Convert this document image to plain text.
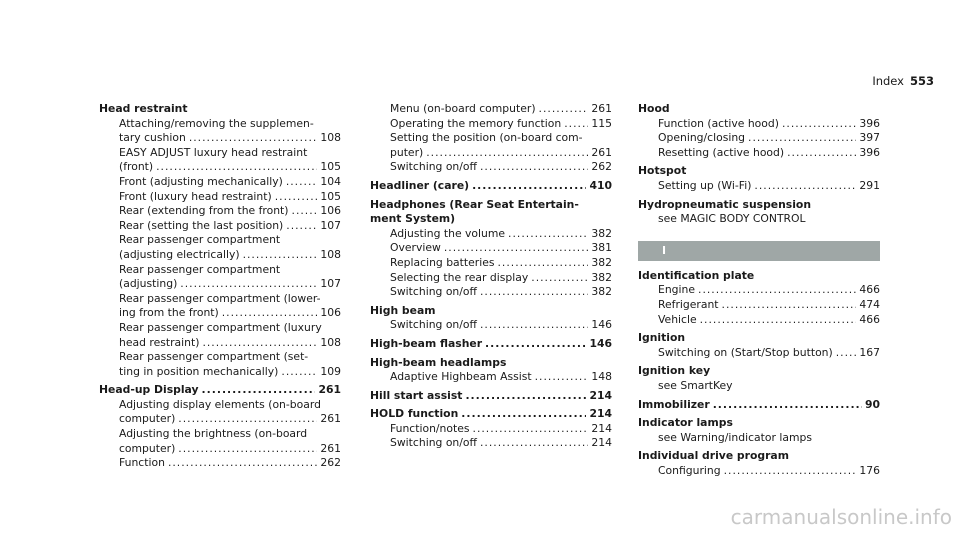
Index 553
Head restraint
Attaching/removing the supplemen-
tary cushion .....	108
EASY ADJUST luxury head restraint
(front) .....	105
Front (adjusting mechanically) .....	104
Front (luxury head restraint) .....	105
Rear (extending from the front) .....	106
Rear (setting the last position) .....	107
Rear passenger compartment
(adjusting electrically) .....	108
Rear passenger compartment
(adjusting) .....	107
Rear passenger compartment (lower-
ing from the front) .....	106
Rear passenger compartment (luxury
head restraint) .....	108
Rear passenger compartment (set-
ting in position mechanically) .....	109
Head-up Display .....	261
Adjusting display elements (on-board
computer) .....	261
Adjusting the brightness (on-board
computer) .....	261
Function .....	262
Menu (on-board computer) .....	261
Operating the memory function .....	115
Setting the position (on-board com-
puter) .....	261
Switching on/off .....	262
Headliner (care) .....	410
Headphones (Rear Seat Entertain-
ment System)
Adjusting the volume .....	382
Overview .....	381
Replacing batteries .....	382
Selecting the rear display .....	382
Switching on/off .....	382
High beam
Switching on/off .....	146
High-beam flasher .....	146
High-beam headlamps
Adaptive Highbeam Assist .....	148
Hill start assist .....	214
HOLD function .....	214
Function/notes .....	214
Switching on/off .....	214
Hood
Function (active hood) .....	396
Opening/closing .....	397
Resetting (active hood) .....	396
Hotspot
Setting up (Wi-Fi) .....	291
Hydropneumatic suspension
see MAGIC BODY CONTROL
I
Identification plate
Engine .....	466
Refrigerant .....	474
Vehicle .....	466
Ignition
Switching on (Start/Stop button) ..... 167
Ignition key
see SmartKey
Immobilizer .....	90
Indicator lamps
see Warning/indicator lamps
Individual drive program
Configuring .....	176
carmanualsonline.info
